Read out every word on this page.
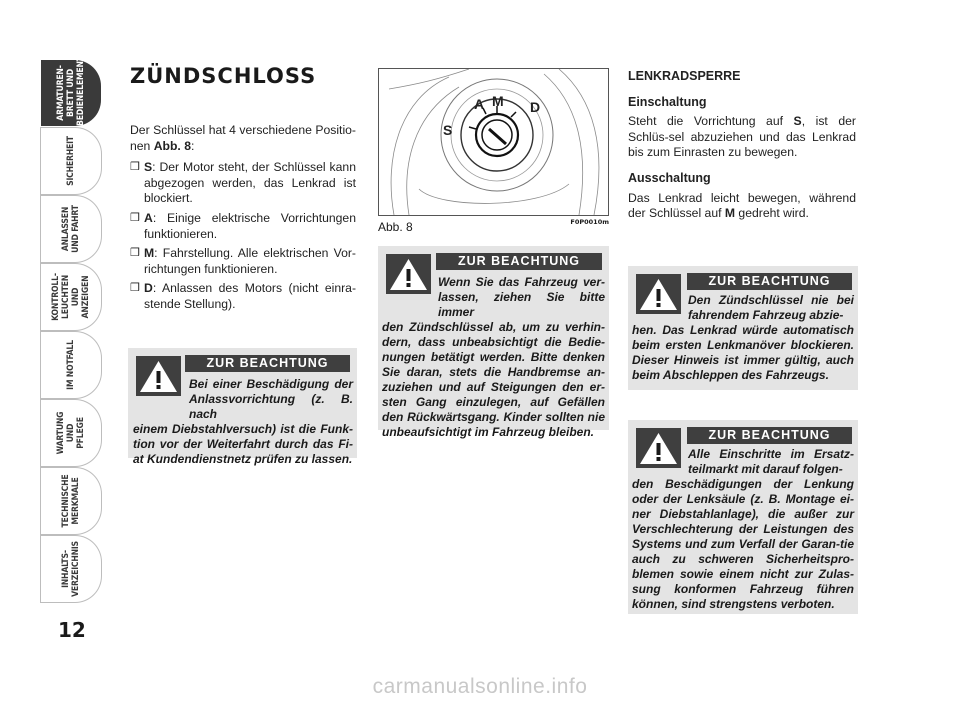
ARMATUREN-
BRETT UND
BEDIENELEMENTE
SICHERHEIT
ANLASSEN
UND FAHRT
KONTROLL-
LEUCHTEN UND
ANZEIGEN
IM NOTFALL
WARTUNG UND
PFLEGE
TECHNISCHE
MERKMALE
INHALTS-
VERZEICHNIS
12
ZÜNDSCHLOSS

Der Schlüssel hat 4 verschiedene Positio-nen Abb. 8:

❒ S: Der Motor steht, der Schlüssel kann abgezogen werden, das Lenkrad ist blockiert.
❒ A: Einige elektrische Vorrichtungen funktionieren.
❒ M: Fahrstellung. Alle elektrischen Vor-richtungen funktionieren.
❒ D: Anlassen des Motors (nicht einra-stende Stellung).
ZUR BEACHTUNG
Bei einer Beschädigung der Anlassvorrichtung (z. B. nach
einem Diebstahlversuch) ist die Funk-tion vor der Weiterfahrt durch das Fi-at Kundendienstnetz prüfen zu lassen.
S
A M D
Abb. 8	F0P0010m
ZUR BEACHTUNG
Wenn Sie das Fahrzeug ver-lassen, ziehen Sie bitte immer
den Zündschlüssel ab, um zu verhin-dern, dass unbeabsichtigt die Bedie-nungen betätigt werden. Bitte denken Sie daran, stets die Handbremse an-zuziehen und auf Steigungen den er-sten Gang einzulegen, auf Gefällen den Rückwärtsgang. Kinder sollten nie unbeaufsichtigt im Fahrzeug bleiben.
LENKRADSPERRE
Einschaltung

Steht die Vorrichtung auf S, ist der Schlüs-sel abzuziehen und das Lenkrad bis zum Einrasten zu bewegen.

Ausschaltung

Das Lenkrad leicht bewegen, während der Schlüssel auf M gedreht wird.

ZUR BEACHTUNG
Den Zündschlüssel nie bei fahrendem Fahrzeug abzie-
hen. Das Lenkrad würde automatisch beim ersten Lenkmanöver blockieren. Dieser Hinweis ist immer gültig, auch beim Abschleppen des Fahrzeugs.
ZUR BEACHTUNG
Alle Einschritte im Ersatz-teilmarkt mit darauf folgen-
den Beschädigungen der Lenkung oder der Lenksäule (z. B. Montage ei-ner Diebstahlanlage), die außer zur Verschlechterung der Leistungen des Systems und zum Verfall der Garan-tie auch zu schweren Sicherheitspro-blemen sowie einem nicht zur Zulas-sung konformen Fahrzeug führen können, sind strengstens verboten.
carmanualsonline.info
